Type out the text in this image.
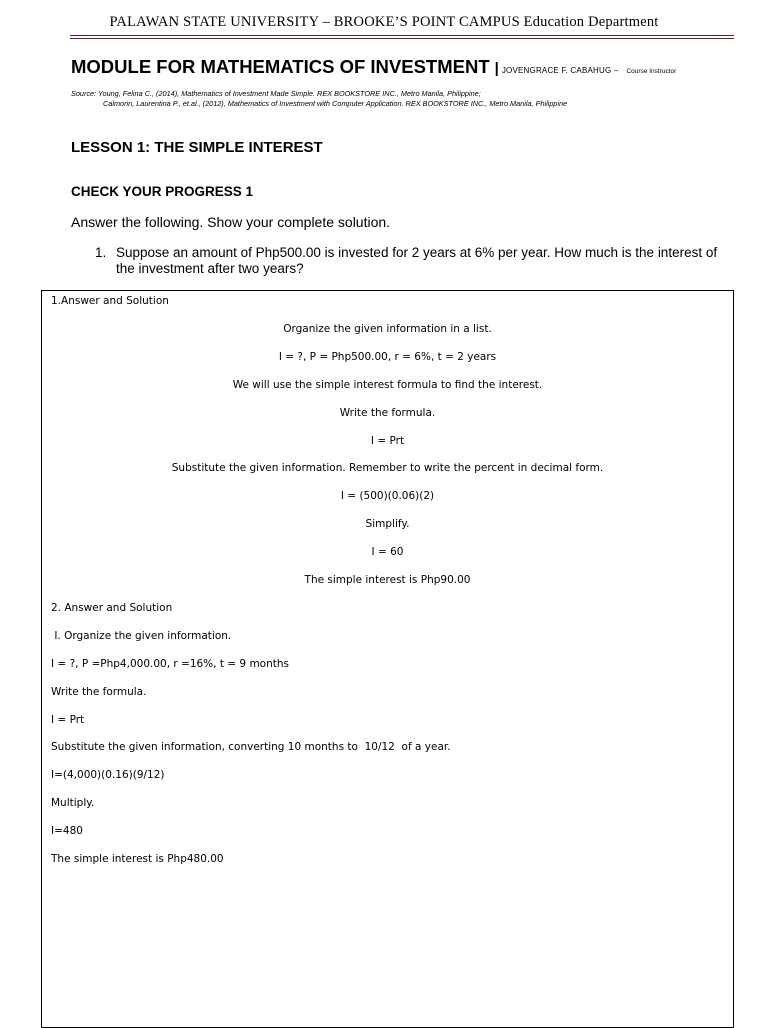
PALAWAN STATE UNIVERSITY – BROOKE’S POINT CAMPUS Education Department
MODULE FOR MATHEMATICS OF INVESTMENT | JOVENGRACE F. CABAHUG – Course Instructor
Source: Young, Felina C., (2014), Mathematics of Investment Made Simple. REX BOOKSTORE INC., Metro Manila, Philippine;
Calmorin, Laurentina P., et.al., (2012), Mathematics of Investment with Computer Application. REX BOOKSTORE INC., Metro Manila, Philippine
LESSON 1: THE SIMPLE INTEREST
CHECK YOUR PROGRESS 1
Answer the following. Show your complete solution.
1. Suppose an amount of Php500.00 is invested for 2 years at 6% per year. How much is the interest of the investment after two years?
1.Answer and Solution
Organize the given information in a list.
I = ?, P = Php500.00, r = 6%, t = 2 years
We will use the simple interest formula to find the interest.
Write the formula.
I = Prt
Substitute the given information. Remember to write the percent in decimal form.
I = (500)(0.06)(2)
Simplify.
I = 60
The simple interest is Php90.00
2. Answer and Solution
I. Organize the given information.
I = ?, P =Php4,000.00, r =16%, t = 9 months
Write the formula.
I = Prt
Substitute the given information, converting 10 months to  10/12  of a year.
I=(4,000)(0.16)(9/12)
Multiply.
I=480
The simple interest is Php480.00
